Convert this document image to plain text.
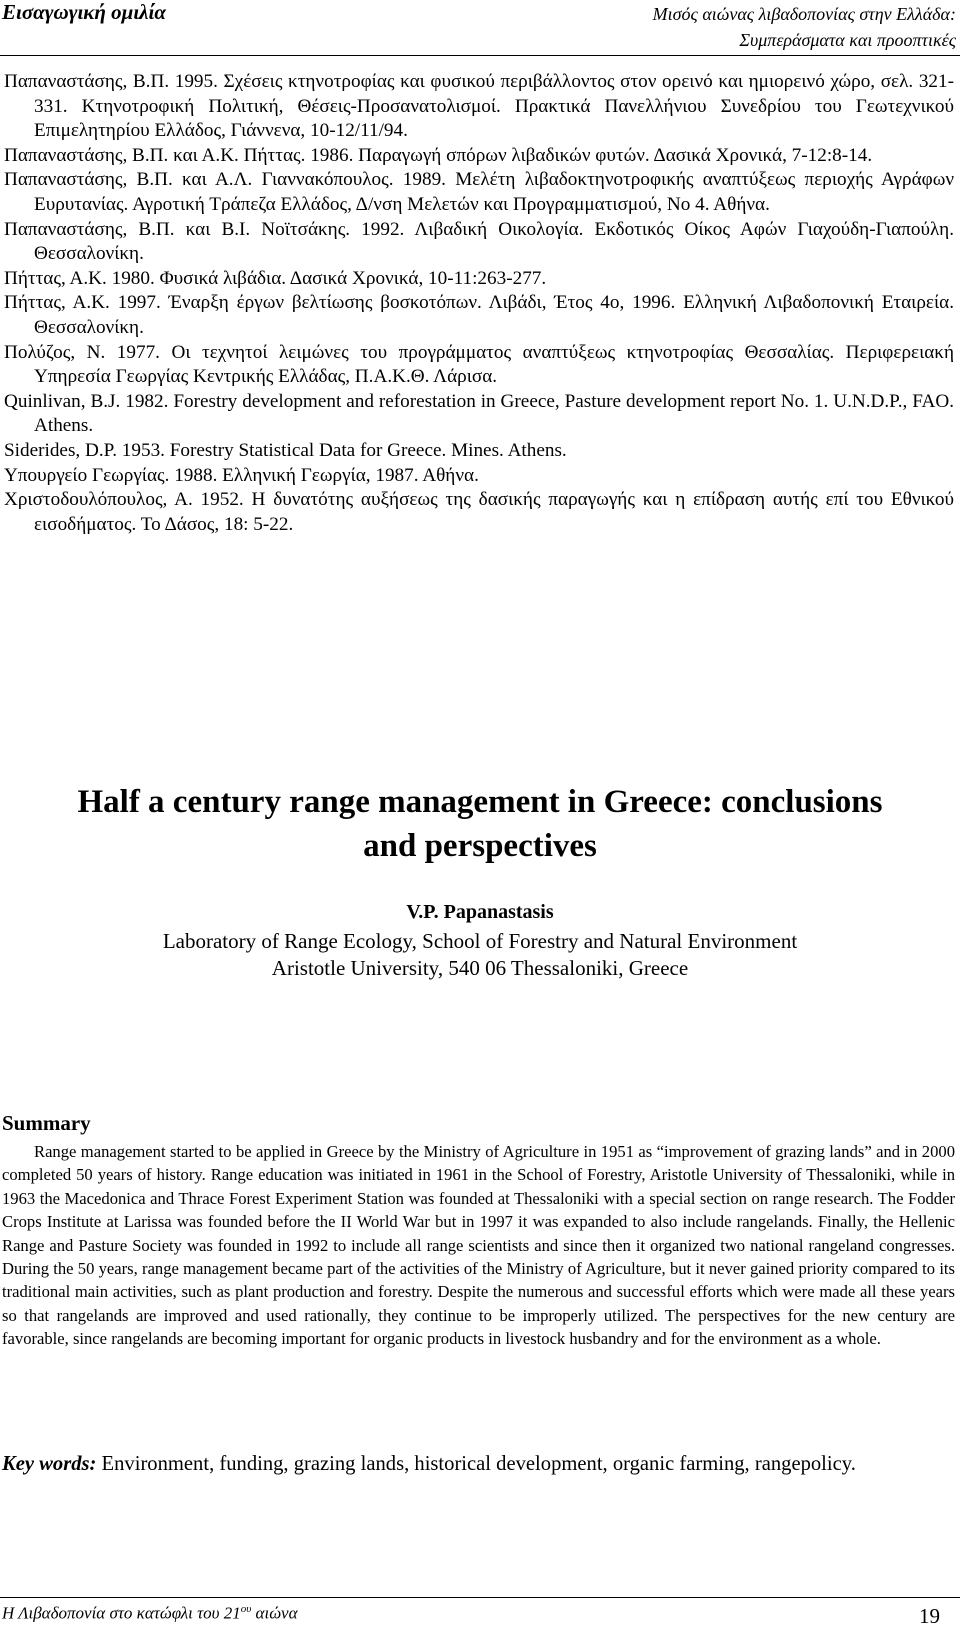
Εισαγωγική ομιλία	Μισός αιώνας λιβαδοπονίας στην Ελλάδα:
Συμπεράσματα και προοπτικές

Παπαναστάσης, Β.Π. 1995. Σχέσεις κτηνοτροφίας και φυσικού περιβάλλοντος στον ορεινό και ημιορεινό χώρο, σελ. 321-331. Κτηνοτροφική Πολιτική, Θέσεις-Προσανατολισμοί. Πρακτικά Πανελλήνιου Συνεδρίου του Γεωτεχνικού Επιμελητηρίου Ελλάδος, Γιάννενα, 10-12/11/94.

Παπαναστάσης, Β.Π. και Α.Κ. Πήττας. 1986. Παραγωγή σπόρων λιβαδικών φυτών. Δασικά Χρονικά, 7-12:8-14.

Παπαναστάσης, Β.Π. και Α.Λ. Γιαννακόπουλος. 1989. Μελέτη λιβαδοκτηνοτροφικής αναπτύξεως περιοχής Αγράφων Ευρυτανίας. Αγροτική Τράπεζα Ελλάδος, Δ/νση Μελετών και Προγραμματισμού, Νο 4. Αθήνα.

Παπαναστάσης, Β.Π. και Β.Ι. Νοϊτσάκης. 1992. Λιβαδική Οικολογία. Εκδοτικός Οίκος Αφών Γιαχούδη-Γιαπούλη. Θεσσαλονίκη.

Πήττας, Α.Κ. 1980. Φυσικά λιβάδια. Δασικά Χρονικά, 10-11:263-277.

Πήττας, Α.Κ. 1997. Έναρξη έργων βελτίωσης βοσκοτόπων. Λιβάδι, Έτος 4ο, 1996. Ελληνική Λιβαδοπονική Εταιρεία. Θεσσαλονίκη.

Πολύζος, Ν. 1977. Οι τεχνητοί λειμώνες του προγράμματος αναπτύξεως κτηνοτροφίας Θεσσαλίας. Περιφερειακή Υπηρεσία Γεωργίας Κεντρικής Ελλάδας, Π.Α.Κ.Θ. Λάρισα.

Quinlivan, B.J. 1982. Forestry development and reforestation in Greece, Pasture development report No. 1. U.N.D.P., FAO. Athens.

Siderides, D.P. 1953. Forestry Statistical Data for Greece. Mines. Athens.

Υπουργείο Γεωργίας. 1988. Ελληνική Γεωργία, 1987. Αθήνα.

Χριστοδουλόπουλος, Α. 1952. Η δυνατότης αυξήσεως της δασικής παραγωγής και η επίδραση αυτής επί του Εθνικού εισοδήματος. Το Δάσος, 18: 5-22.

Half a century range management in Greece: conclusions
and perspectives
V.P. Papanastasis
Laboratory of Range Ecology, School of Forestry and Natural Environment
Aristotle University, 540 06 Thessaloniki, Greece
Summary
Range management started to be applied in Greece by the Ministry of Agriculture in 1951 as “improvement of grazing lands” and in 2000 completed 50 years of history. Range education was initiated in 1961 in the School of Forestry, Aristotle University of Thessaloniki, while in 1963 the Macedonica and Thrace Forest Experiment Station was founded at Thessaloniki with a special section on range research. The Fodder Crops Institute at Larissa was founded before the II World War but in 1997 it was expanded to also include rangelands. Finally, the Hellenic Range and Pasture Society was founded in 1992 to include all range scientists and since then it organized two national rangeland congresses. During the 50 years, range management became part of the activities of the Ministry of Agriculture, but it never gained priority compared to its traditional main activities, such as plant production and forestry. Despite the numerous and successful efforts which were made all these years so that rangelands are improved and used rationally, they continue to be improperly utilized. The perspectives for the new century are favorable, since rangelands are becoming important for organic products in livestock husbandry and for the environment as a whole.
Key words: Environment, funding, grazing lands, historical development, organic farming, rangepolicy.
Η Λιβαδοπονία στο κατώφλι του $21^{o\upsilon}$ αιώνα	19
